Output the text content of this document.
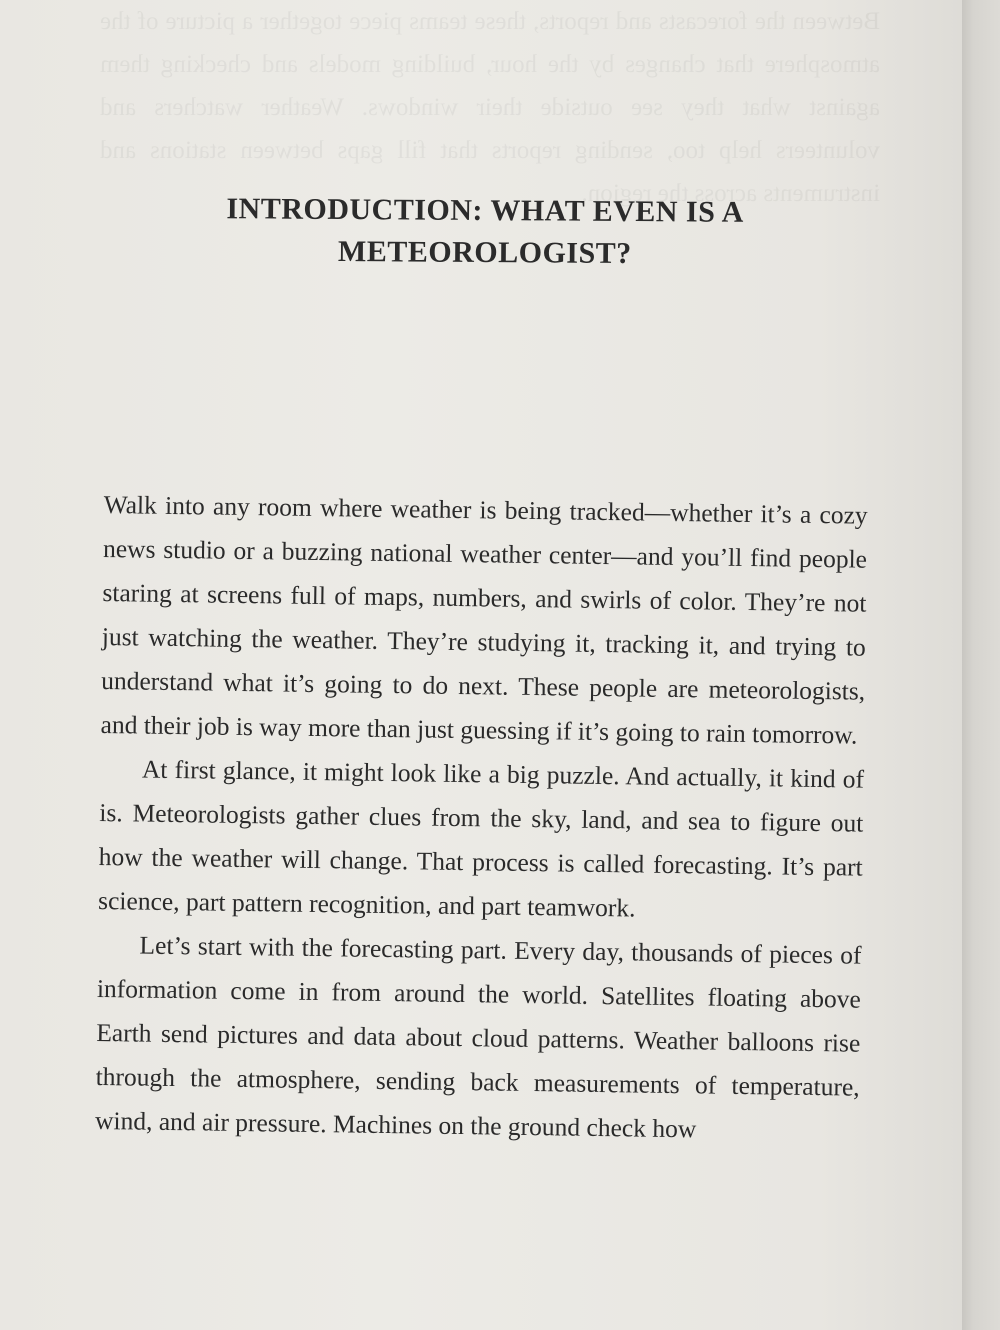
Between the forecasts and reports, these teams piece together a picture of the atmosphere that changes by the hour, building models and checking them against what they see outside their windows. Weather watchers and volunteers help too, sending reports that fill gaps between stations and instruments across the region.
INTRODUCTION: WHAT EVEN IS A
METEOROLOGIST?

Walk into any room where weather is being tracked—whether it’s a cozy news studio or a buzzing national weather center—and you’ll find people staring at screens full of maps, numbers, and swirls of color. They’re not just watching the weather. They’re studying it, tracking it, and trying to understand what it’s going to do next. These people are meteorologists, and their job is way more than just guessing if it’s going to rain tomorrow.

At first glance, it might look like a big puzzle. And actually, it kind of is. Meteorologists gather clues from the sky, land, and sea to figure out how the weather will change. That process is called forecasting. It’s part science, part pattern recognition, and part teamwork.

Let’s start with the forecasting part. Every day, thousands of pieces of information come in from around the world. Satellites floating above Earth send pictures and data about cloud patterns. Weather balloons rise through the atmosphere, sending back measurements of temperature, wind, and air pressure. Machines on the ground check how
